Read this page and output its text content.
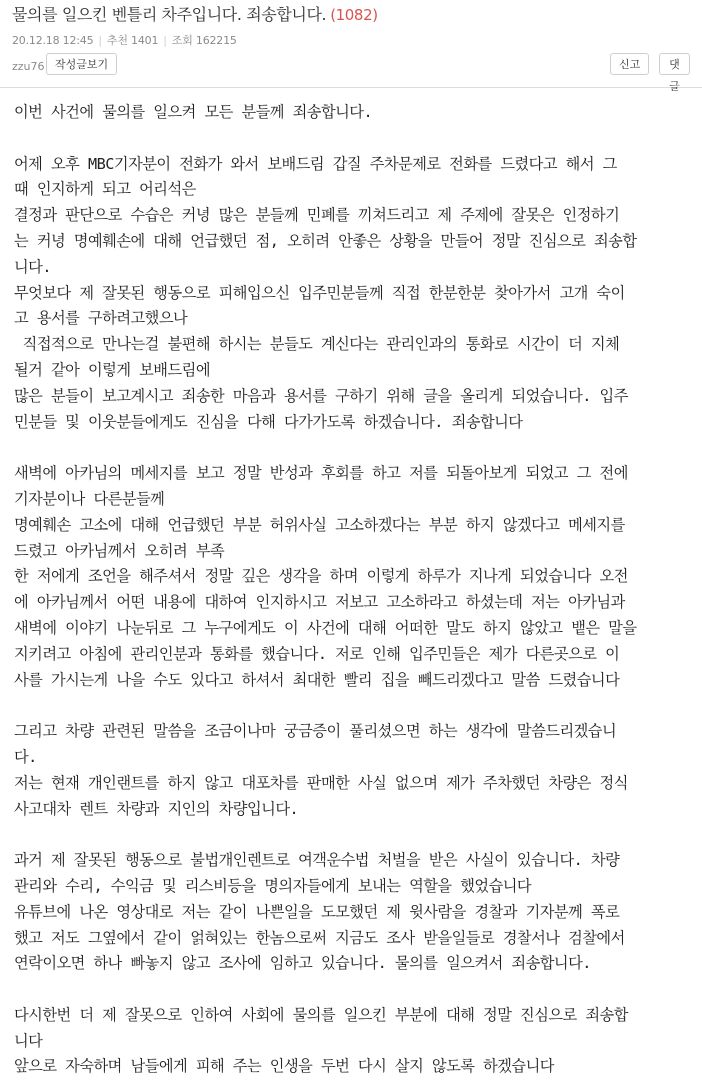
물의를 일으킨 벤틀리 차주입니다. 죄송합니다. (1082)
20.12.18 12:45 | 추천 1401 | 조회 162215
zzu76 작성글보기	신고	댓글

이번 사건에 물의를 일으켜 모든 분들께 죄송합니다.

어제 오후 MBC기자분이 전화가 와서 보배드림 갑질 주차문제로 전화를 드렸다고 해서 그

때 인지하게 되고 어리석은

결정과 판단으로 수습은 커녕 많은 분들께 민폐를 끼쳐드리고 제 주제에 잘못은 인정하기

는 커녕 명예훼손에 대해 언급했던 점, 오히려 안좋은 상황을 만들어 정말 진심으로 죄송합

니다.

무엇보다 제 잘못된 행동으로 피해입으신 입주민분들께 직접 한분한분 찾아가서 고개 숙이

고 용서를 구하려고했으나

직접적으로 만나는걸 불편해 하시는 분들도 계신다는 관리인과의 통화로 시간이 더 지체

될거 같아 이렇게 보배드림에

많은 분들이 보고계시고 죄송한 마음과 용서를 구하기 위해 글을 올리게 되었습니다. 입주

민분들 및 이웃분들에게도 진심을 다해 다가가도록 하겠습니다. 죄송합니다

새벽에 아카님의 메세지를 보고 정말 반성과 후회를 하고 저를 되돌아보게 되었고 그 전에

기자분이나 다른분들께

명예훼손 고소에 대해 언급했던 부분 허위사실 고소하겠다는 부분 하지 않겠다고 메세지를

드렸고 아카님께서 오히려 부족

한 저에게 조언을 해주셔서 정말 깊은 생각을 하며 이렇게 하루가 지나게 되었습니다 오전

에 아카님께서 어떤 내용에 대하여 인지하시고 저보고 고소하라고 하셨는데 저는 아카님과

새벽에 이야기 나눈뒤로 그 누구에게도 이 사건에 대해 어떠한 말도 하지 않았고 뱉은 말을

지키려고 아침에 관리인분과 통화를 했습니다. 저로 인해 입주민들은 제가 다른곳으로 이

사를 가시는게 나을 수도 있다고 하셔서 최대한 빨리 집을 빼드리겠다고 말씀 드렸습니다

그리고 차량 관련된 말씀을 조금이나마 궁금증이 풀리셨으면 하는 생각에 말씀드리겠습니

다.

저는 현재 개인랜트를 하지 않고 대포차를 판매한 사실 없으며 제가 주차했던 차량은 정식

사고대차 렌트 차량과 지인의 차량입니다.

과거 제 잘못된 행동으로 불법개인렌트로 여객운수법 처벌을 받은 사실이 있습니다. 차량

관리와 수리, 수익금 및 리스비등을 명의자들에게 보내는 역할을 했었습니다

유튜브에 나온 영상대로 저는 같이 나쁜일을 도모했던 제 윗사람을 경찰과 기자분께 폭로

했고 저도 그옆에서 같이 얽혀있는 한놈으로써 지금도 조사 받을일들로 경찰서나 검찰에서

연락이오면 하나 빠놓지 않고 조사에 임하고 있습니다. 물의를 일으켜서 죄송합니다.

다시한번 더 제 잘못으로 인하여 사회에 물의를 일으킨 부분에 대해 정말 진심으로 죄송합

니다

앞으로 자숙하며 남들에게 피해 주는 인생을 두번 다시 살지 않도록 하겠습니다
